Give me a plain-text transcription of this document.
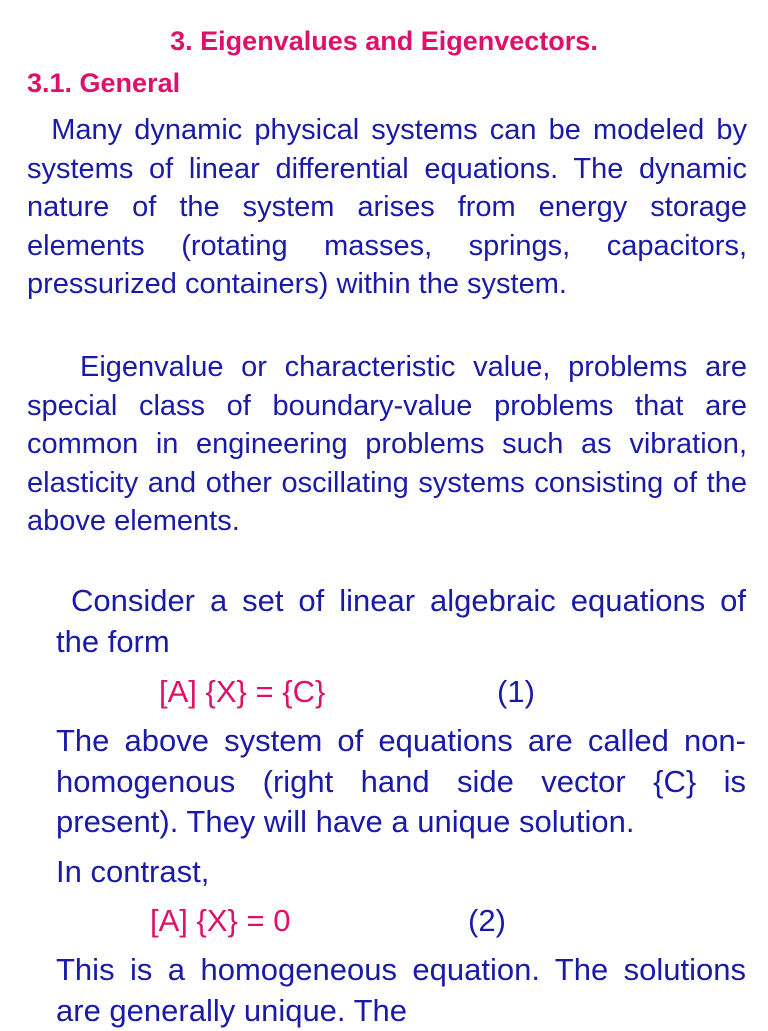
3. Eigenvalues and Eigenvectors.
3.1. General

Many dynamic physical systems can be modeled by systems of linear differential equations. The dynamic nature of the system arises from energy storage elements (rotating masses, springs, capacitors, pressurized containers) within the system.

Eigenvalue or characteristic value, problems are special class of boundary-value problems that are common in engineering problems such as vibration, elasticity and other oscillating systems consisting of the above elements.

Consider a set of linear algebraic equations of the form

[A] {X} = {C}	(1)

The above system of equations are called non-homogenous (right hand side vector {C} is present). They will have a unique solution.

In contrast,

[A] {X} = 0	(2)

This is a homogeneous equation. The solutions are generally unique. The
